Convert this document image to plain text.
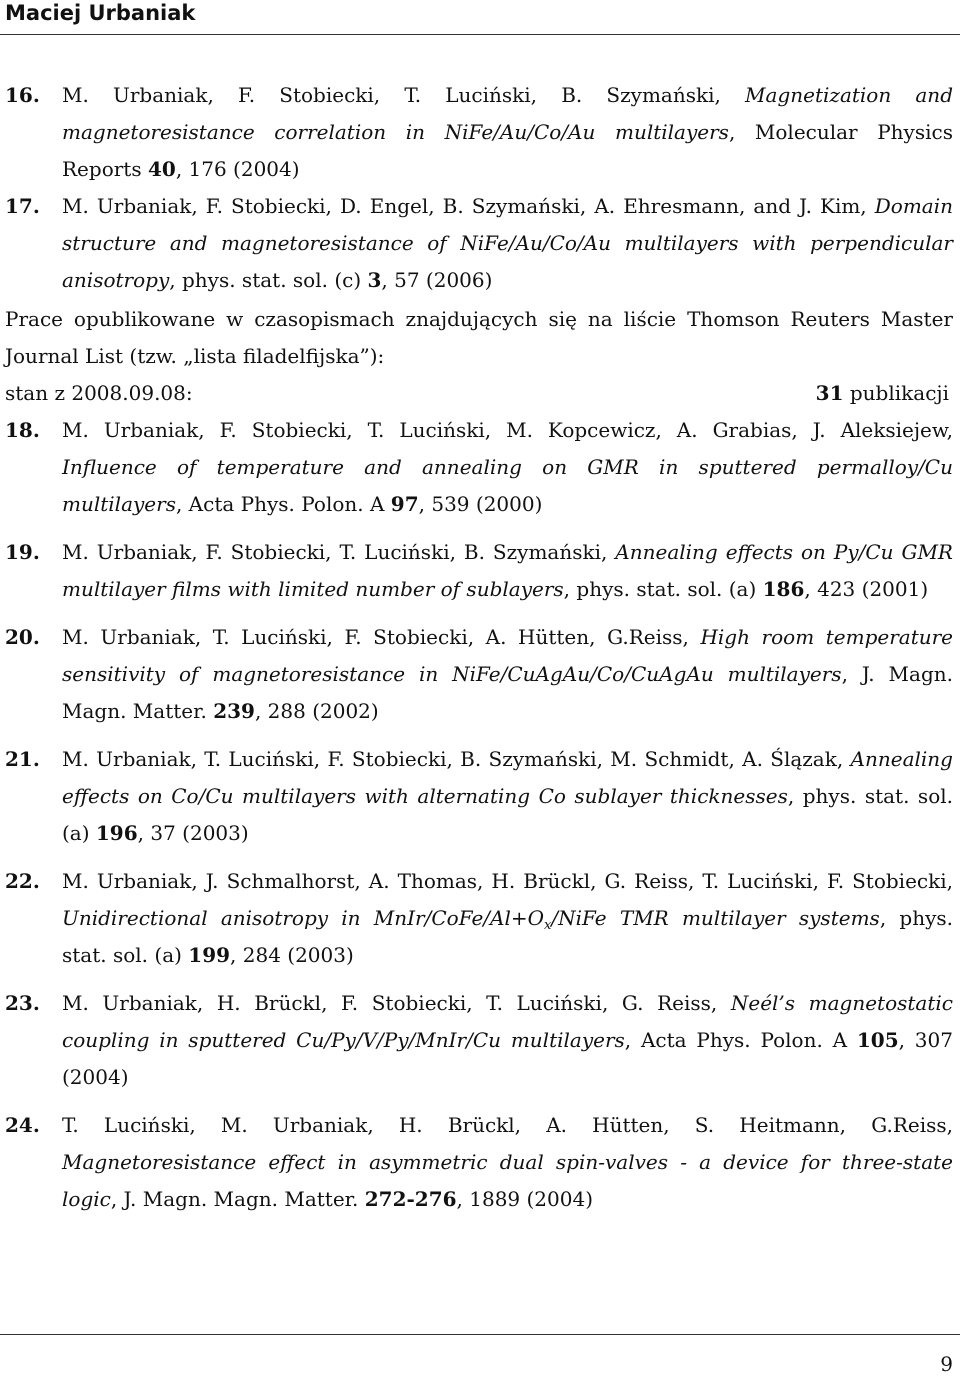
Maciej Urbaniak
16. M. Urbaniak, F. Stobiecki, T. Luciński, B. Szymański, Magnetization and magnetoresistance correlation in NiFe/Au/Co/Au multilayers, Molecular Physics Reports 40, 176 (2004)
17. M. Urbaniak, F. Stobiecki, D. Engel, B. Szymański, A. Ehresmann, and J. Kim, Domain structure and magnetoresistance of NiFe/Au/Co/Au multilayers with perpendicular anisotropy, phys. stat. sol. (c) 3, 57 (2006)
Prace opublikowane w czasopismach znajdujących się na liście Thomson Reuters Master Journal List (tzw. „lista filadelfijska”):
stan z 2008.09.08:	31 publikacji
18. M. Urbaniak, F. Stobiecki, T. Luciński, M. Kopcewicz, A. Grabias, J. Aleksiejew, Influence of temperature and annealing on GMR in sputtered permalloy/Cu multilayers, Acta Phys. Polon. A 97, 539 (2000)
19. M. Urbaniak, F. Stobiecki, T. Luciński, B. Szymański, Annealing effects on Py/Cu GMR multilayer films with limited number of sublayers, phys. stat. sol. (a) 186, 423 (2001)
20. M. Urbaniak, T. Luciński, F. Stobiecki, A. Hütten, G.Reiss, High room temperature sensitivity of magnetoresistance in NiFe/CuAgAu/Co/CuAgAu multilayers, J. Magn. Magn. Matter. 239, 288 (2002)
21. M. Urbaniak, T. Luciński, F. Stobiecki, B. Szymański, M. Schmidt, A. Ślązak, Annealing effects on Co/Cu multilayers with alternating Co sublayer thicknesses, phys. stat. sol. (a) 196, 37 (2003)
22. M. Urbaniak, J. Schmalhorst, A. Thomas, H. Brückl, G. Reiss, T. Luciński, F. Stobiecki, Unidirectional anisotropy in MnIr/$CoFe/Al+O_x$/NiFe TMR multilayer systems, phys. stat. sol. (a) 199, 284 (2003)
23. M. Urbaniak, H. Brückl, F. Stobiecki, T. Luciński, G. Reiss, Neél’s magnetostatic coupling in sputtered Cu/Py/V/Py/MnIr/Cu multilayers, Acta Phys. Polon. A 105, 307 (2004)
24. T. Luciński, M. Urbaniak, H. Brückl, A. Hütten, S. Heitmann, G.Reiss, Magnetoresistance effect in asymmetric dual spin-valves - a device for three-state logic, J. Magn. Magn. Matter. 272-276, 1889 (2004)
9
